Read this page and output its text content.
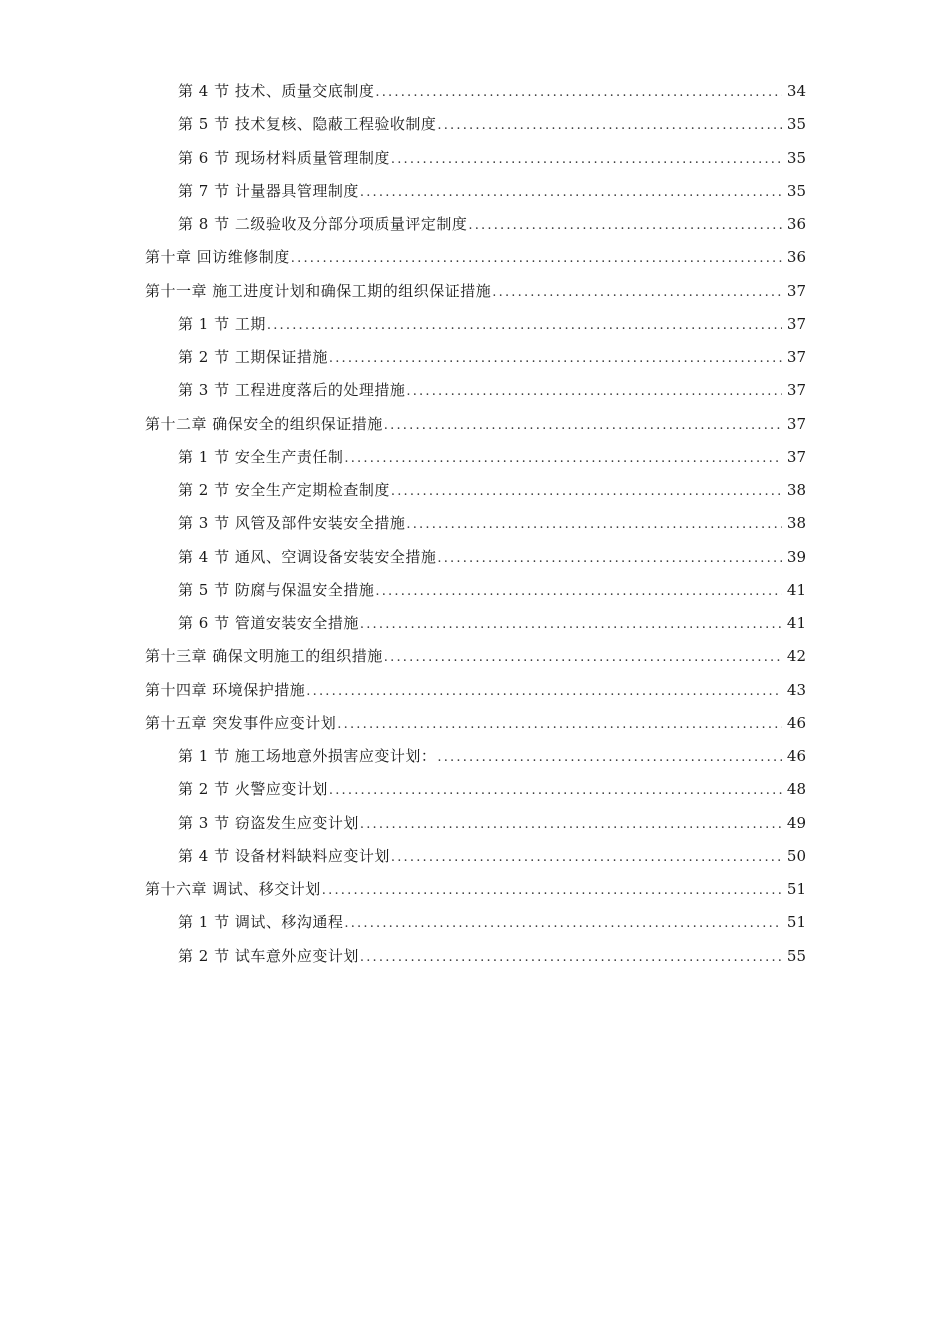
第 4 节 技术、质量交底制度 .....	34
第 5 节 技术复核、隐蔽工程验收制度 .....	35
第 6 节 现场材料质量管理制度 .....	35
第 7 节 计量器具管理制度 .....	35
第 8 节 二级验收及分部分项质量评定制度 .....	36
第十章 回访维修制度 .....	36
第十一章 施工进度计划和确保工期的组织保证措施 .....	37
第 1 节 工期 .....	37
第 2 节 工期保证措施 .....	37
第 3 节 工程进度落后的处理措施 .....	37
第十二章 确保安全的组织保证措施 .....	37
第 1 节 安全生产责任制 .....	37
第 2 节 安全生产定期检查制度 .....	38
第 3 节 风管及部件安装安全措施 .....	38
第 4 节 通风、空调设备安装安全措施 .....	39
第 5 节 防腐与保温安全措施 .....	41
第 6 节 管道安装安全措施 .....	41
第十三章 确保文明施工的组织措施 .....	42
第十四章 环境保护措施 .....	43
第十五章 突发事件应变计划 .....	46
第 1 节 施工场地意外损害应变计划： .....	46
第 2 节 火警应变计划 .....	48
第 3 节 窃盗发生应变计划 .....	49
第 4 节 设备材料缺料应变计划 .....	50
第十六章 调试、移交计划 .....	51
第 1 节 调试、移沟通程 .....	51
第 2 节 试车意外应变计划 .....	55
